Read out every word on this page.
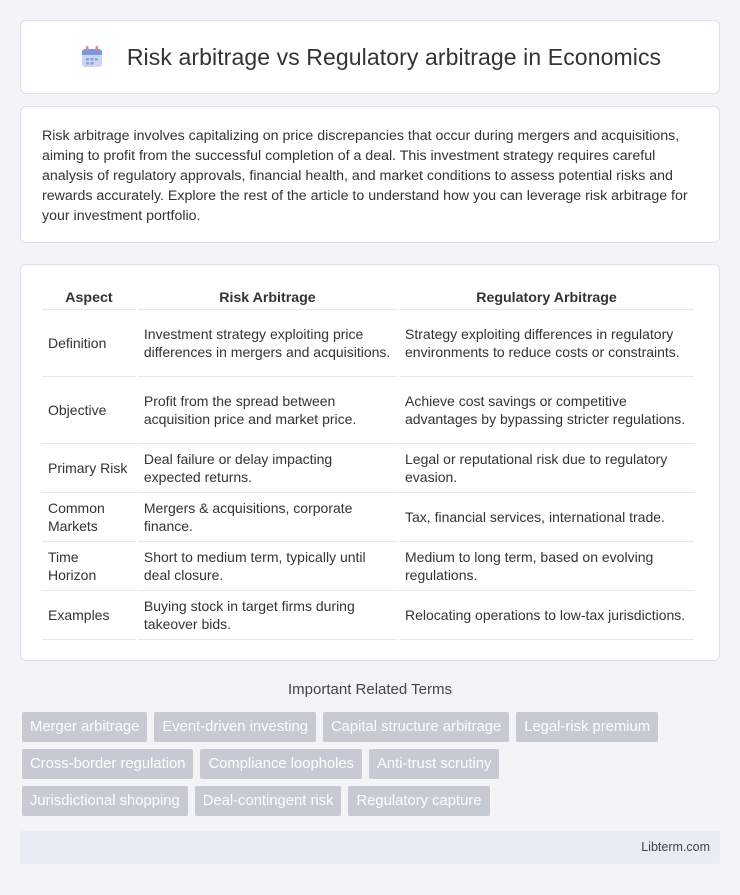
Risk arbitrage vs Regulatory arbitrage in Economics

Risk arbitrage involves capitalizing on price discrepancies that occur during mergers and acquisitions, aiming to profit from the successful completion of a deal. This investment strategy requires careful analysis of regulatory approvals, financial health, and market conditions to assess potential risks and rewards accurately. Explore the rest of the article to understand how you can leverage risk arbitrage for your investment portfolio.

Aspect	Risk Arbitrage	Regulatory Arbitrage
Definition	Investment strategy exploiting price differences in mergers and acquisitions.	Strategy exploiting differences in regulatory environments to reduce costs or constraints.
Objective	Profit from the spread between acquisition price and market price.	Achieve cost savings or competitive advantages by bypassing stricter regulations.
Primary Risk	Deal failure or delay impacting expected returns.	Legal or reputational risk due to regulatory evasion.
Common Markets	Mergers & acquisitions, corporate finance.	Tax, financial services, international trade.
Time Horizon	Short to medium term, typically until deal closure.	Medium to long term, based on evolving regulations.
Examples	Buying stock in target firms during takeover bids.	Relocating operations to low-tax jurisdictions.
Important Related Terms
Merger arbitrage	Event-driven investing	Capital structure arbitrage	Legal-risk premium
Cross-border regulation	Compliance loopholes	Anti-trust scrutiny
Jurisdictional shopping	Deal-contingent risk	Regulatory capture
Libterm.com
